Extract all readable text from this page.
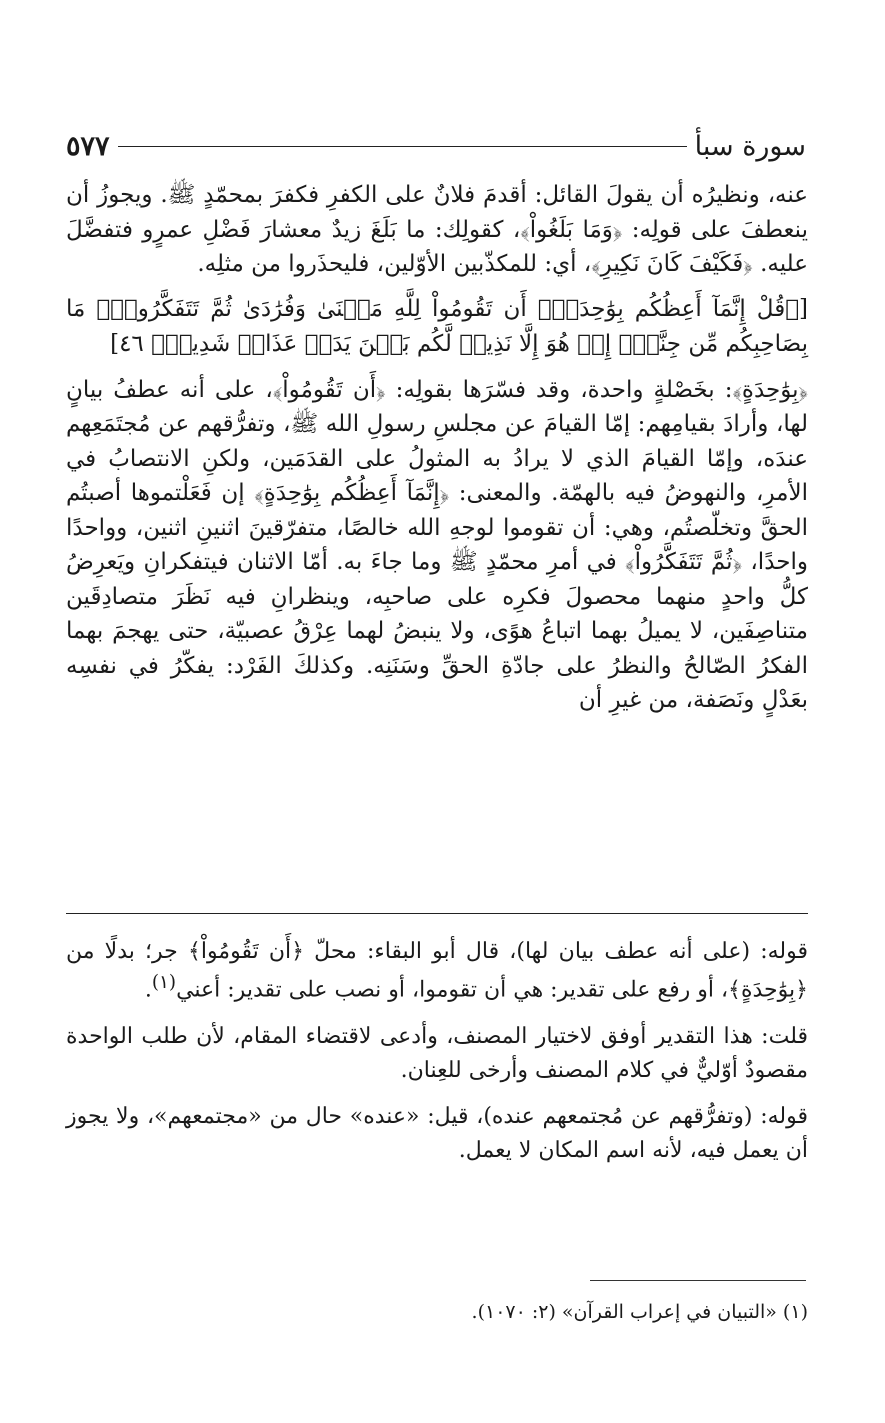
سورة سبأ
٥٧٧

عنه، ونظيرُه أن يقولَ القائل: أقدمَ فلانٌ على الكفرِ فكفرَ بمحمّدٍ ﷺ. ويجوزُ أن ينعطفَ على قولِه: ﴿وَمَا بَلَغُواْ﴾، كقولِك: ما بَلَغَ زيدٌ معشارَ فَضْلِ عمرٍو فتفضَّلَ عليه. ﴿فَكَيْفَ كَانَ نَكِيرِ﴾، أي: للمكذّبين الأوّلين، فليحذَروا من مثلِه.

[﴿قُلْ إِنَّمَآ أَعِظُكُم بِوَٰحِدَةٍۖ أَن تَقُومُواْ لِلَّهِ مَثۡنَىٰ وَفُرَٰدَىٰ ثُمَّ تَتَفَكَّرُواْۚ مَا بِصَاحِبِكُم مِّن جِنَّةٍۚ إِنۡ هُوَ إِلَّا نَذِيرٞ لَّكُم بَيۡنَ يَدَيۡ عَذَابٖ شَدِيدٖ﴾ ٤٦]

﴿بِوَٰحِدَةٍ﴾: بخَصْلةٍ واحدة، وقد فسّرَها بقولِه: ﴿أَن تَقُومُواْ﴾، على أنه عطفُ بيانٍ لها، وأرادَ بقيامِهم: إمّا القيامَ عن مجلسِ رسولِ الله ﷺ، وتفرُّقهم عن مُجتَمَعِهم عندَه، وإمّا القيامَ الذي لا يرادُ به المثولُ على القدَمَين، ولكنِ الانتصابُ في الأمرِ، والنهوضُ فيه بالهمّة. والمعنى: ﴿إِنَّمَآ أَعِظُكُم بِوَٰحِدَةٍ﴾ إن فَعَلْتموها أصبتُم الحقَّ وتخلّصتُم، وهي: أن تقوموا لوجهِ الله خالصًا، متفرّقينَ اثنينِ اثنين، وواحدًا واحدًا، ﴿ثُمَّ تَتَفَكَّرُواْ﴾ في أمرِ محمّدٍ ﷺ وما جاءَ به. أمّا الاثنان فيتفكرانِ ويَعرِضُ كلُّ واحدٍ منهما محصولَ فكرِه على صاحبِه، وينظرانِ فيه نَظَرَ متصادِقَين متناصِفَين، لا يميلُ بهما اتباعُ هوًى، ولا ينبضُ لهما عِرْقُ عصبيّة، حتى يهجمَ بهما الفكرُ الصّالحُ والنظرُ على جادّةِ الحقِّ وسَنَنِه. وكذلكَ الفَرْد: يفكّرُ في نفسِه بعَدْلٍ ونَصَفة، من غيرِ أن

قوله: (على أنه عطف بيان لها)، قال أبو البقاء: محلّ ﴿أَن تَقُومُواْ﴾ جر؛ بدلًا من ﴿بِوَٰحِدَةٍ﴾، أو رفع على تقدير: هي أن تقوموا، أو نصب على تقدير: أعني$^{(١)}$.

قلت: هذا التقدير أوفق لاختيار المصنف، وأدعى لاقتضاء المقام، لأن طلب الواحدة مقصودٌ أوّليٌّ في كلام المصنف وأرخى للعِنان.

قوله: (وتفرُّقهم عن مُجتمعهم عنده)، قيل: «عنده» حال من «مجتمعهم»، ولا يجوز أن يعمل فيه، لأنه اسم المكان لا يعمل.

(١) «التبيان في إعراب القرآن» (٢: ١٠٧٠).
